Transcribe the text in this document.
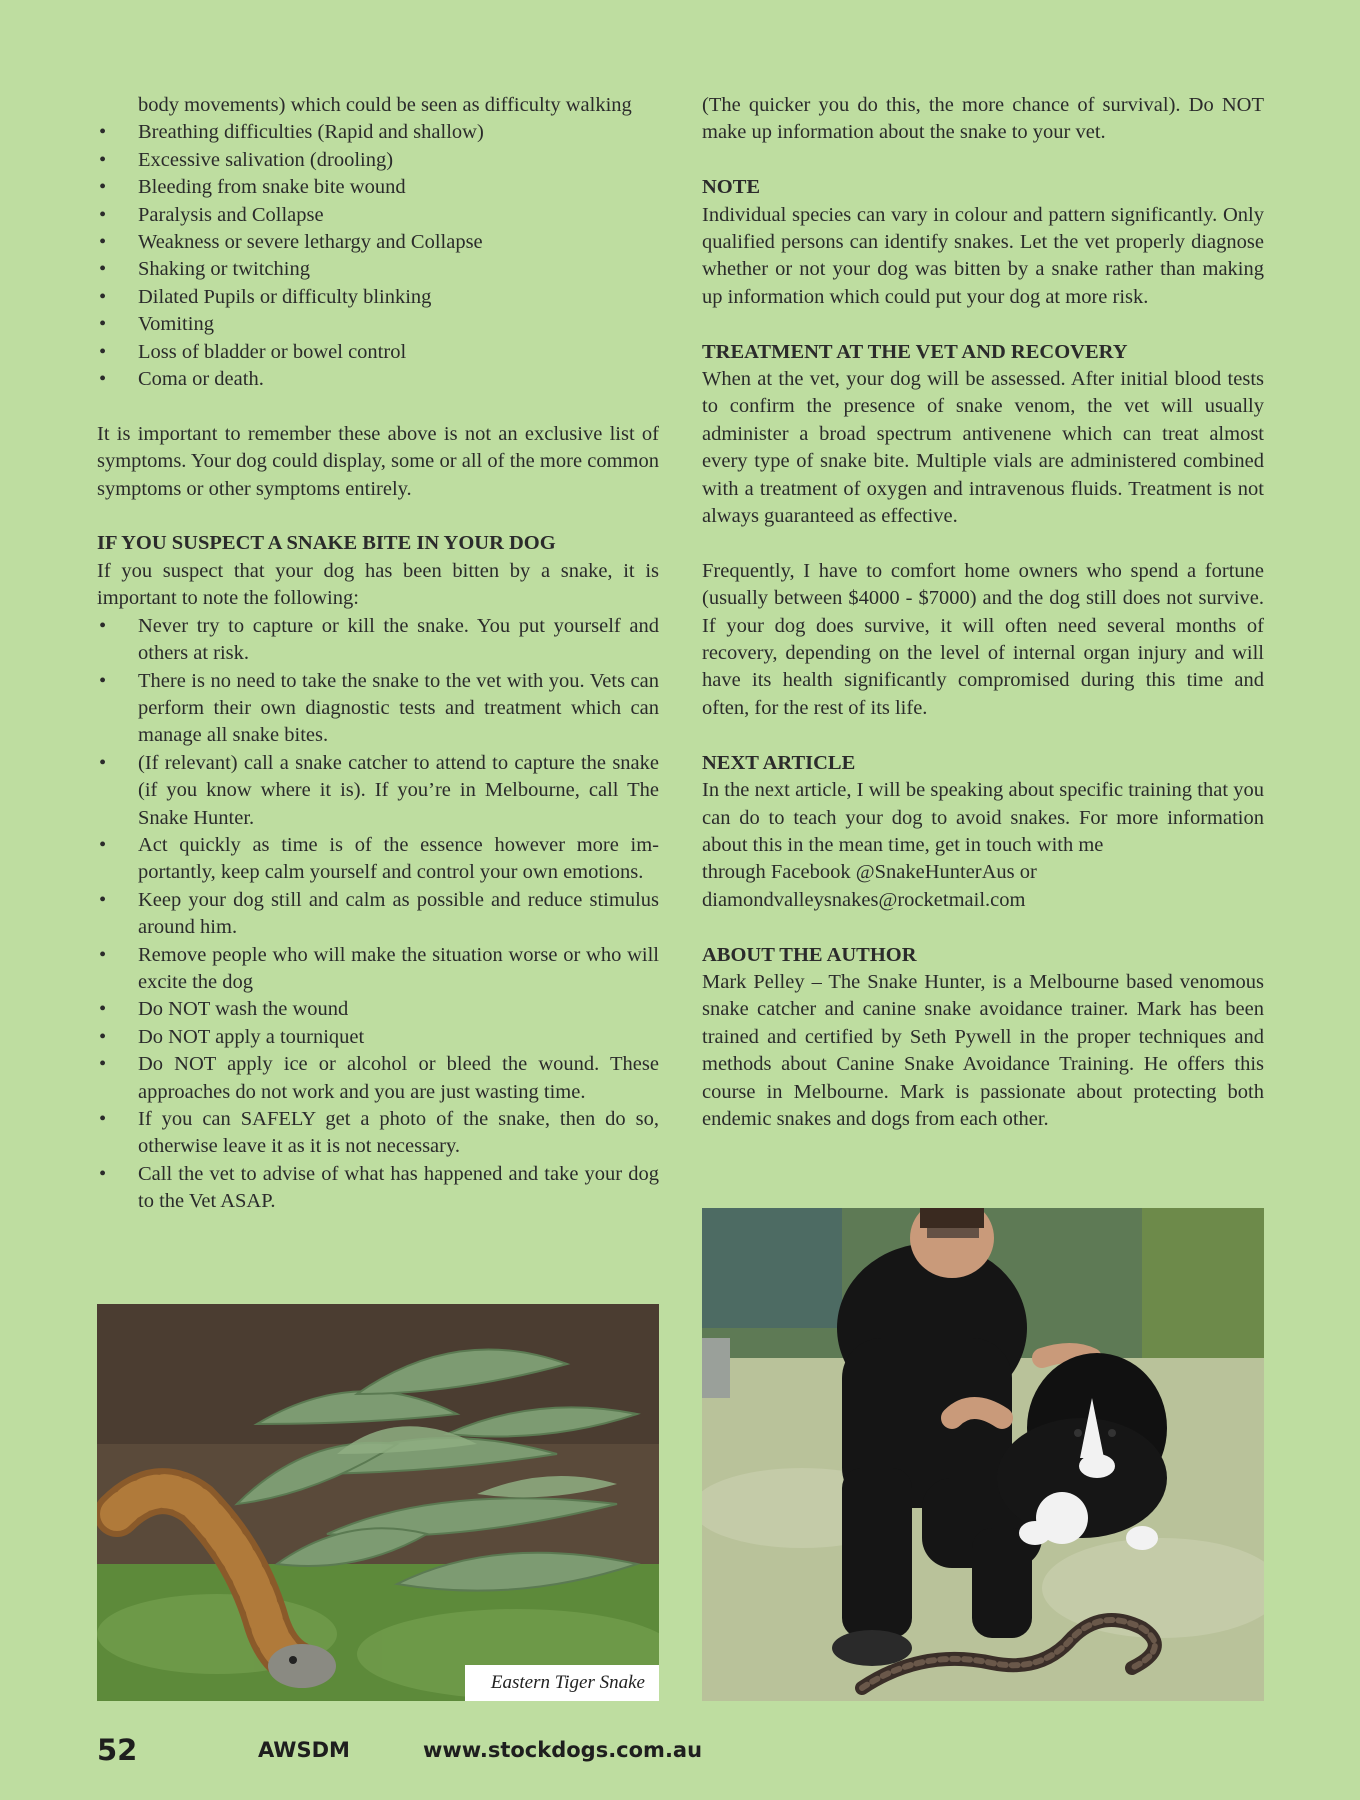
body movements) which could be seen as difficulty walking

• Breathing difficulties (Rapid and shallow)
• Excessive salivation (drooling)
• Bleeding from snake bite wound
• Paralysis and Collapse
• Weakness or severe lethargy and Collapse
• Shaking or twitching
• Dilated Pupils or difficulty blinking
• Vomiting
• Loss of bladder or bowel control
• Coma or death.

It is important to remember these above is not an exclusive list of symptoms. Your dog could display, some or all of the more common symptoms or other symptoms entirely.

IF YOU SUSPECT A SNAKE BITE IN YOUR DOG

If you suspect that your dog has been bitten by a snake, it is important to note the following:

• Never try to capture or kill the snake. You put yourself and others at risk.
• There is no need to take the snake to the vet with you. Vets can perform their own diagnostic tests and treatment which can manage all snake bites.
• (If relevant) call a snake catcher to attend to capture the snake (if you know where it is). If you’re in Melbourne, call The Snake Hunter.
• Act quickly as time is of the essence however more importantly, keep calm yourself and control your own emotions.
• Keep your dog still and calm as possible and reduce stimulus around him.
• Remove people who will make the situation worse or who will excite the dog
• Do NOT wash the wound
• Do NOT apply a tourniquet
• Do NOT apply ice or alcohol or bleed the wound. These approaches do not work and you are just wasting time.
• If you can SAFELY get a photo of the snake, then do so, otherwise leave it as it is not necessary.
• Call the vet to advise of what has happened and take your dog to the Vet ASAP.

(The quicker you do this, the more chance of survival). Do NOT make up information about the snake to your vet.

NOTE

Individual species can vary in colour and pattern significantly. Only qualified persons can identify snakes. Let the vet properly diagnose whether or not your dog was bitten by a snake rather than making up information which could put your dog at more risk.

TREATMENT AT THE VET AND RECOVERY

When at the vet, your dog will be assessed. After initial blood tests to confirm the presence of snake venom, the vet will usually administer a broad spectrum antivenene which can treat almost every type of snake bite. Multiple vials are administered combined with a treatment of oxygen and intravenous fluids. Treatment is not always guaranteed as effective.

Frequently, I have to comfort home owners who spend a fortune (usually between $4000 - $7000) and the dog still does not survive. If your dog does survive, it will often need several months of recovery, depending on the level of internal organ injury and will have its health significantly compromised during this time and often, for the rest of its life.

NEXT ARTICLE

In the next article, I will be speaking about specific training that you can do to teach your dog to avoid snakes. For more information about this in the mean time, get in touch with me

through Facebook @SnakeHunterAus or
diamondvalleysnakes@rocketmail.com
ABOUT THE AUTHOR

Mark Pelley – The Snake Hunter, is a Melbourne based venomous snake catcher and canine snake avoidance trainer. Mark has been trained and certified by Seth Pywell in the proper techniques and methods about Canine Snake Avoidance Training. He offers this course in Melbourne. Mark is passionate about protecting both endemic snakes and dogs from each other.

Eastern Tiger Snake
52	AWSDM	www.stockdogs.com.au
